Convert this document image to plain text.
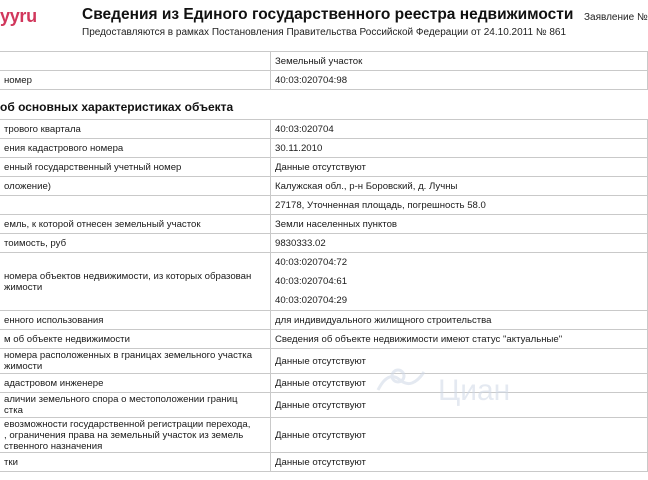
yyru	Сведения из Единого государственного реестра недвижимости
Предоставляются в рамках Постановления Правительства Российской Федерации от 24.10.2011 № 861
Заявление №
	Земельный участок
номер	40:03:020704:98
об основных характеристиках объекта
трового квартала	40:03:020704
ения кадастрового номера	30.11.2010
енный государственный учетный номер	Данные отсутствуют
оложение)	Калужская обл., р-н Боровский, д. Лучны
	27178, Уточненная площадь, погрешность 58.0
емль, к которой отнесен земельный участок	Земли населенных пунктов
тоимость, руб	9830333.02

номера объектов недвижимости, из которых образован
жимости	40:03:020704:72
40:03:020704:61
40:03:020704:29

енного использования	для индивидуального жилищного строительства
м об объекте недвижимости	Сведения об объекте недвижимости имеют статус "актуальные"
номера расположенных в границах земельного участка
жимости	Данные отсутствуют
адастровом инженере	Данные отсутствуют
аличии земельного спора о местоположении границ
стка	Данные отсутствуют
евозможности государственной регистрации перехода,
, ограничения права на земельный участок из земель
ственного назначения	Данные отсутствуют
тки	Данные отсутствуют
Циан
